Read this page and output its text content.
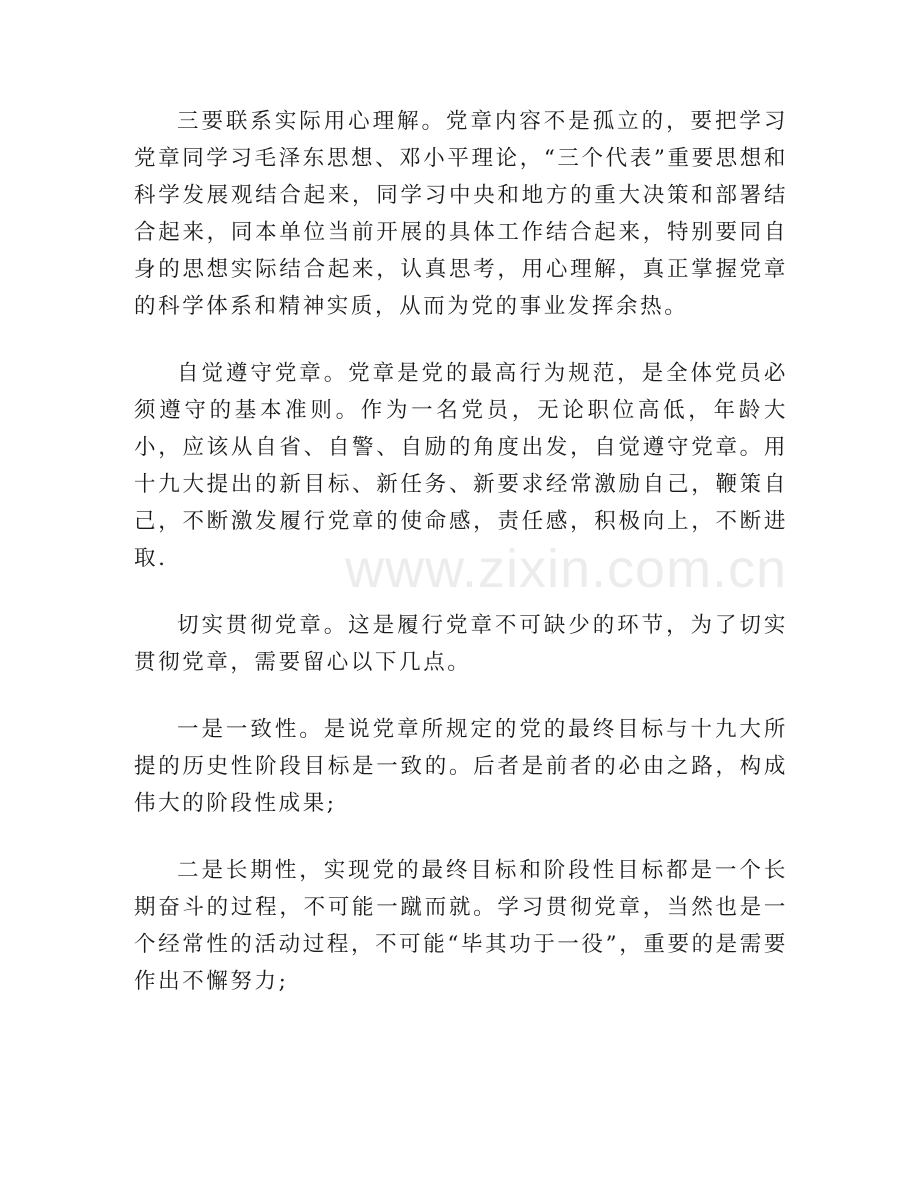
三要联系实际用心理解。党章内容不是孤立的，要把学习党章同学习毛泽东思想、邓小平理论，“三个代表”重要思想和科学发展观结合起来，同学习中央和地方的重大决策和部署结合起来，同本单位当前开展的具体工作结合起来，特别要同自身的思想实际结合起来，认真思考，用心理解，真正掌握党章的科学体系和精神实质，从而为党的事业发挥余热。

自觉遵守党章。党章是党的最高行为规范，是全体党员必须遵守的基本准则。作为一名党员，无论职位高低，年龄大小，应该从自省、自警、自励的角度出发，自觉遵守党章。用十九大提出的新目标、新任务、新要求经常激励自己，鞭策自己，不断激发履行党章的使命感，责任感，积极向上，不断进取.

切实贯彻党章。这是履行党章不可缺少的环节，为了切实贯彻党章，需要留心以下几点。

一是一致性。是说党章所规定的党的最终目标与十九大所提的历史性阶段目标是一致的。后者是前者的必由之路，构成伟大的阶段性成果;

二是长期性，实现党的最终目标和阶段性目标都是一个长期奋斗的过程，不可能一蹴而就。学习贯彻党章，当然也是一个经常性的活动过程，不可能“毕其功于一役”，重要的是需要作出不懈努力;

www.zixin.com.cn
